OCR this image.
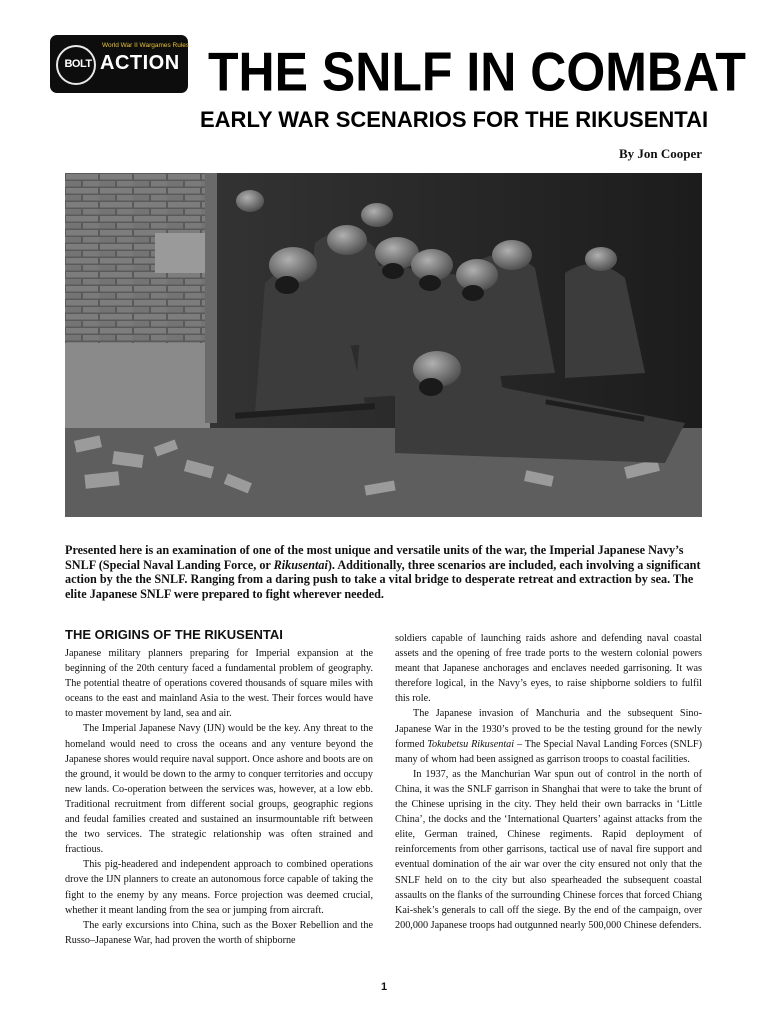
World War II Wargames Rules
BOLT ACTION THE SNLF IN COMBAT
EARLY WAR SCENARIOS FOR THE RIKUSENTAI
By Jon Cooper

Presented here is an examination of one of the most unique and versatile units of the war, the Imperial Japanese Navy’s SNLF (Special Naval Landing Force, or Rikusentai). Additionally, three scenarios are included, each involving a significant action by the the SNLF. Ranging from a daring push to take a vital bridge to desperate retreat and extraction by sea. The elite Japanese SNLF were prepared to fight wherever needed.

THE ORIGINS OF THE RIKUSENTAI

Japanese military planners preparing for Imperial expansion at the beginning of the 20th century faced a fundamental problem of geography. The potential theatre of operations covered thousands of square miles with oceans to the east and mainland Asia to the west. Their forces would have to master movement by land, sea and air.

The Imperial Japanese Navy (IJN) would be the key. Any threat to the homeland would need to cross the oceans and any venture beyond the Japanese shores would require naval support. Once ashore and boots are on the ground, it would be down to the army to conquer territories and occupy new lands. Co-operation between the services was, however, at a low ebb. Traditional recruitment from different social groups, geographic regions and feudal families created and sustained an insurmountable rift between the two services. The strategic relationship was often strained and fractious.

This pig-headered and independent approach to combined operations drove the IJN planners to create an autonomous force capable of taking the fight to the enemy by any means. Force projection was deemed crucial, whether it meant landing from the sea or jumping from aircraft.

The early excursions into China, such as the Boxer Rebellion and the Russo–Japanese War, had proven the worth of shipborne

soldiers capable of launching raids ashore and defending naval coastal assets and the opening of free trade ports to the western colonial powers meant that Japanese anchorages and enclaves needed garrisoning. It was therefore logical, in the Navy’s eyes, to raise shipborne soldiers to fulfil this role.

The Japanese invasion of Manchuria and the subsequent Sino-Japanese War in the 1930’s proved to be the testing ground for the newly formed Tokubetsu Rikusentai – The Special Naval Landing Forces (SNLF) many of whom had been assigned as garrison troops to coastal facilities.

In 1937, as the Manchurian War spun out of control in the north of China, it was the SNLF garrison in Shanghai that were to take the brunt of the Chinese uprising in the city. They held their own barracks in ‘Little China’, the docks and the ‘International Quarters’ against attacks from the elite, German trained, Chinese regiments. Rapid deployment of reinforcements from other garrisons, tactical use of naval fire support and eventual domination of the air war over the city ensured not only that the SNLF held on to the city but also spearheaded the subsequent coastal assaults on the flanks of the surrounding Chinese forces that forced Chiang Kai-shek’s generals to call off the siege. By the end of the campaign, over 200,000 Japanese troops had outgunned nearly 500,000 Chinese defenders.

1
